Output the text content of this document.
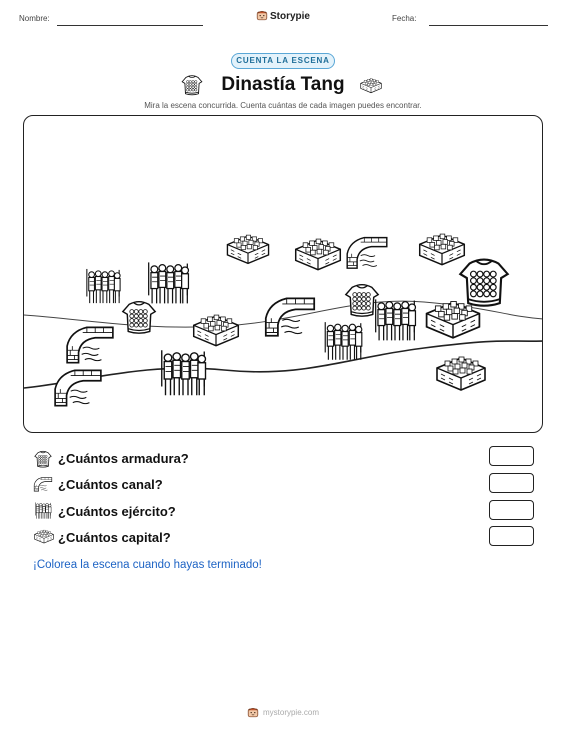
Nombre:	Storypie	Fecha:
CUENTA LA ESCENA
Dinastía Tang
Mira la escena concurrida. Cuenta cuántas de cada imagen puedes encontrar.
¿Cuántos armadura?
¿Cuántos canal?
¿Cuántos ejército?
¿Cuántos capital?
¡Colorea la escena cuando hayas terminado!
mystorypie.com
